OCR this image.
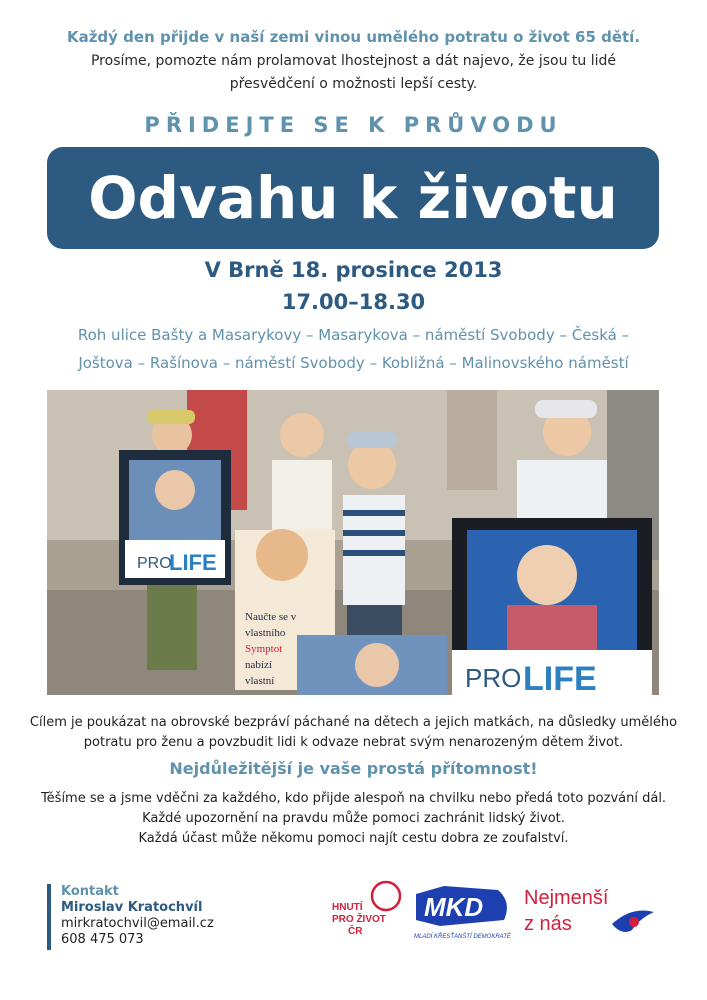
Každý den přijde v naší zemi vinou umělého potratu o život 65 dětí.
Prosíme, pomozte nám prolamovat lhostejnost a dát najevo, že jsou tu lidé
přesvědčení o možnosti lepší cesty.
PŘIDEJTE SE K PRŮVODU
Odvahu k životu
V Brně 18. prosince 2013
17.00–18.30
Roh ulice Bašty a Masarykovy – Masarykova – náměstí Svobody – Česká –
Joštova – Rašínova – náměstí Svobody – Kobližná – Malinovského náměstí
PRO
LIFE
Naučte se v
vlastního
Symptot
nabízí
vlastní	PRO LIFE
Cílem je poukázat na obrovské bezpráví páchané na dětech a jejich matkách, na důsledky umělého
potratu pro ženu a povzbudit lidi k odvaze nebrat svým nenarozeným dětem život.
Nejdůležitější je vaše prostá přítomnost!
Těšíme se a jsme vděčni za každého, kdo přijde alespoň na chvilku nebo předá toto pozvání dál.
Každé upozornění na pravdu může pomoci zachránit lidský život.
Každá účast může někomu pomoci najít cestu dobra ze zoufalství.
Kontakt
Miroslav Kratochvíl
mirkratochvil@email.cz
608 475 073
HNUTÍ
PRO ŽIVOT
ČR
MKD
MLADÍ KŘESŤANŠTÍ DEMOKRATÉ
Nejmenší
z nás
